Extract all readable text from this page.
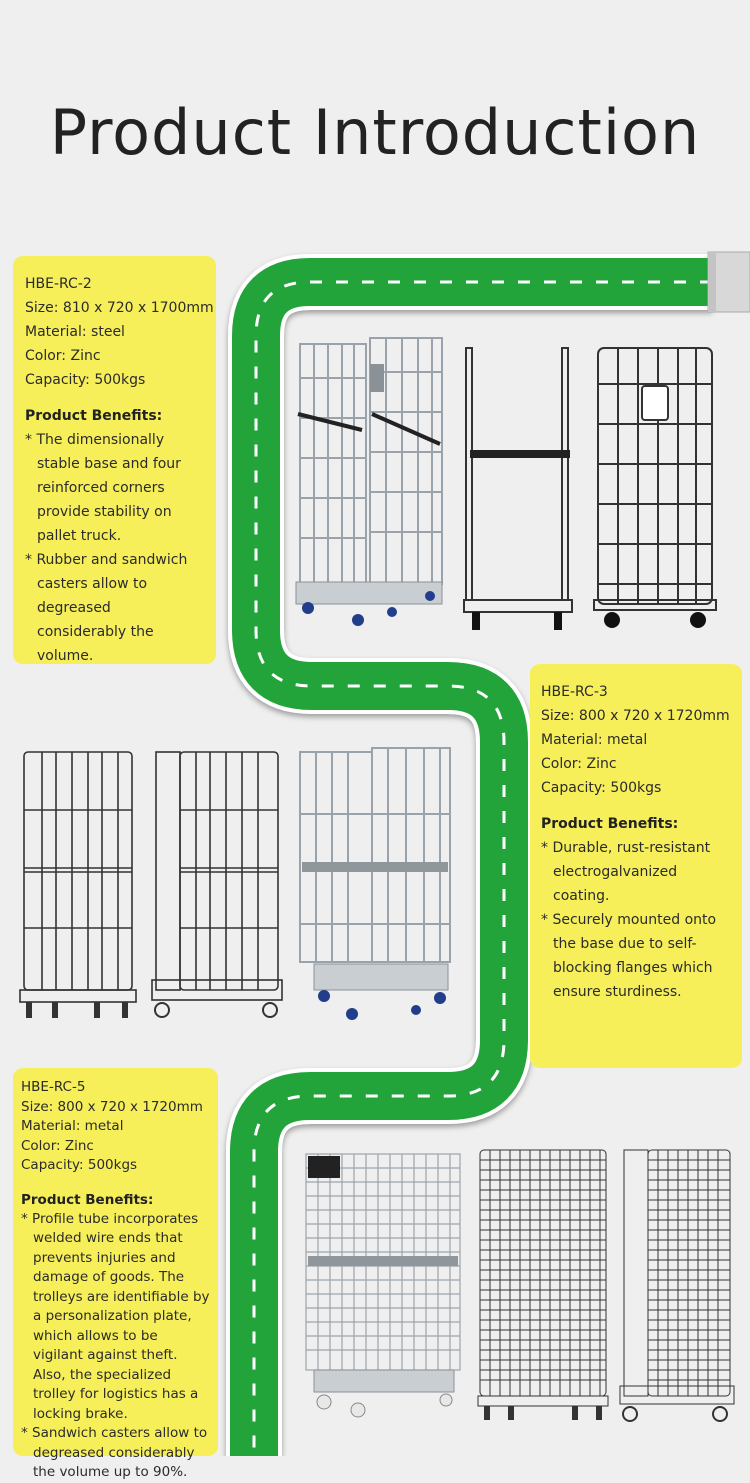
Product Introduction
HBE-RC-2
Size: 810 x 720 x 1700mm
Material: steel
Color: Zinc
Capacity: 500kgs
Product Benefits:
* The dimensionally stable base and four reinforced corners provide stability on pallet truck.
* Rubber and sandwich casters allow to degreased considerably the volume.
HBE-RC-3
Size: 800 x 720 x 1720mm
Material: metal
Color: Zinc
Capacity: 500kgs
Product Benefits:
* Durable, rust-resistant electrogalvanized coating.
* Securely mounted onto the base due to self-blocking flanges which ensure sturdiness.
HBE-RC-5
Size: 800 x 720 x 1720mm
Material: metal
Color: Zinc
Capacity: 500kgs
Product Benefits:
* Profile tube incorporates welded wire ends that prevents injuries and damage of goods. The trolleys are identifiable by a personalization plate, which allows to be vigilant against theft. Also, the specialized trolley for logistics has a locking brake.
* Sandwich casters allow to degreased considerably the volume up to 90%.
